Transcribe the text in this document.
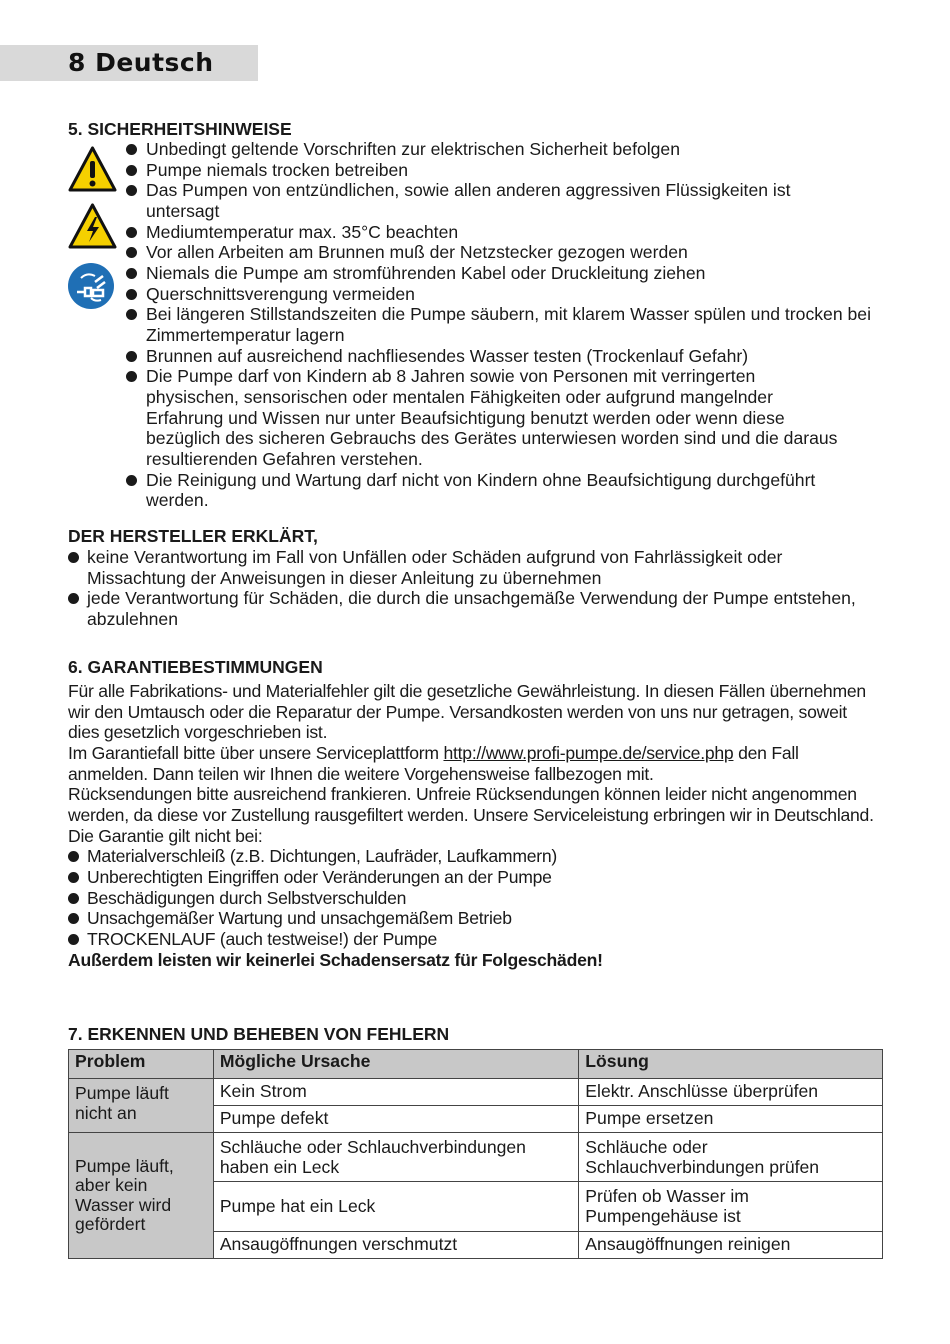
8 Deutsch
5. SICHERHEITSHINWEISE
Unbedingt geltende Vorschriften zur elektrischen Sicherheit befolgen
Pumpe niemals trocken betreiben
Das Pumpen von entzündlichen, sowie allen anderen aggressiven Flüssigkeiten ist untersagt
Mediumtemperatur max. 35°C beachten
Vor allen Arbeiten am Brunnen muß der Netzstecker gezogen werden
Niemals die Pumpe am stromführenden Kabel oder Druckleitung ziehen
Querschnittsverengung vermeiden
Bei längeren Stillstandszeiten die Pumpe säubern, mit klarem Wasser spülen und trocken bei Zimmertemperatur lagern
Brunnen auf ausreichend nachfliesendes Wasser testen (Trockenlauf Gefahr)
Die Pumpe darf von Kindern ab 8 Jahren sowie von Personen mit verringerten physischen, sensorischen oder mentalen Fähigkeiten oder aufgrund mangelnder Erfahrung und Wissen nur unter Beaufsichtigung benutzt werden oder wenn diese bezüglich des sicheren Gebrauchs des Gerätes unterwiesen worden sind und die daraus resultierenden Gefahren verstehen.
Die Reinigung und Wartung darf nicht von Kindern ohne Beaufsichtigung durchgeführt werden.
DER HERSTELLER ERKLÄRT,
keine Verantwortung im Fall von Unfällen oder Schäden aufgrund von Fahrlässigkeit oder Missachtung der Anweisungen in dieser Anleitung zu übernehmen
jede Verantwortung für Schäden, die durch die unsachgemäße Verwendung der Pumpe entstehen, abzulehnen
6. GARANTIEBESTIMMUNGEN
Für alle Fabrikations- und Materialfehler gilt die gesetzliche Gewährleistung. In diesen Fällen übernehmen wir den Umtausch oder die Reparatur der Pumpe. Versandkosten werden von uns nur getragen, soweit dies gesetzlich vorgeschrieben ist.
Im Garantiefall bitte über unsere Serviceplattform http://www.profi-pumpe.de/service.php den Fall anmelden. Dann teilen wir Ihnen die weitere Vorgehensweise fallbezogen mit.
Rücksendungen bitte ausreichend frankieren. Unfreie Rücksendungen können leider nicht angenommen werden, da diese vor Zustellung rausgefiltert werden. Unsere Serviceleistung erbringen wir in Deutschland.
Die Garantie gilt nicht bei:
Materialverschleiß (z.B. Dichtungen, Laufräder, Laufkammern)
Unberechtigten Eingriffen oder Veränderungen an der Pumpe
Beschädigungen durch Selbstverschulden
Unsachgemäßer Wartung und unsachgemäßem Betrieb
TROCKENLAUF (auch testweise!) der Pumpe
Außerdem leisten wir keinerlei Schadensersatz für Folgeschäden!
7. ERKENNEN UND BEHEBEN VON FEHLERN
Problem	Mögliche Ursache	Lösung
Pumpe läuft nicht an	Kein Strom	Elektr. Anschlüsse überprüfen
	Pumpe defekt	Pumpe ersetzen
Pumpe läuft, aber kein Wasser wird gefördert	Schläuche oder Schlauchverbindungen haben ein Leck	Schläuche oder Schlauchverbindungen prüfen
	Pumpe hat ein Leck	Prüfen ob Wasser im Pumpengehäuse ist
	Ansaugöffnungen verschmutzt	Ansaugöffnungen reinigen
